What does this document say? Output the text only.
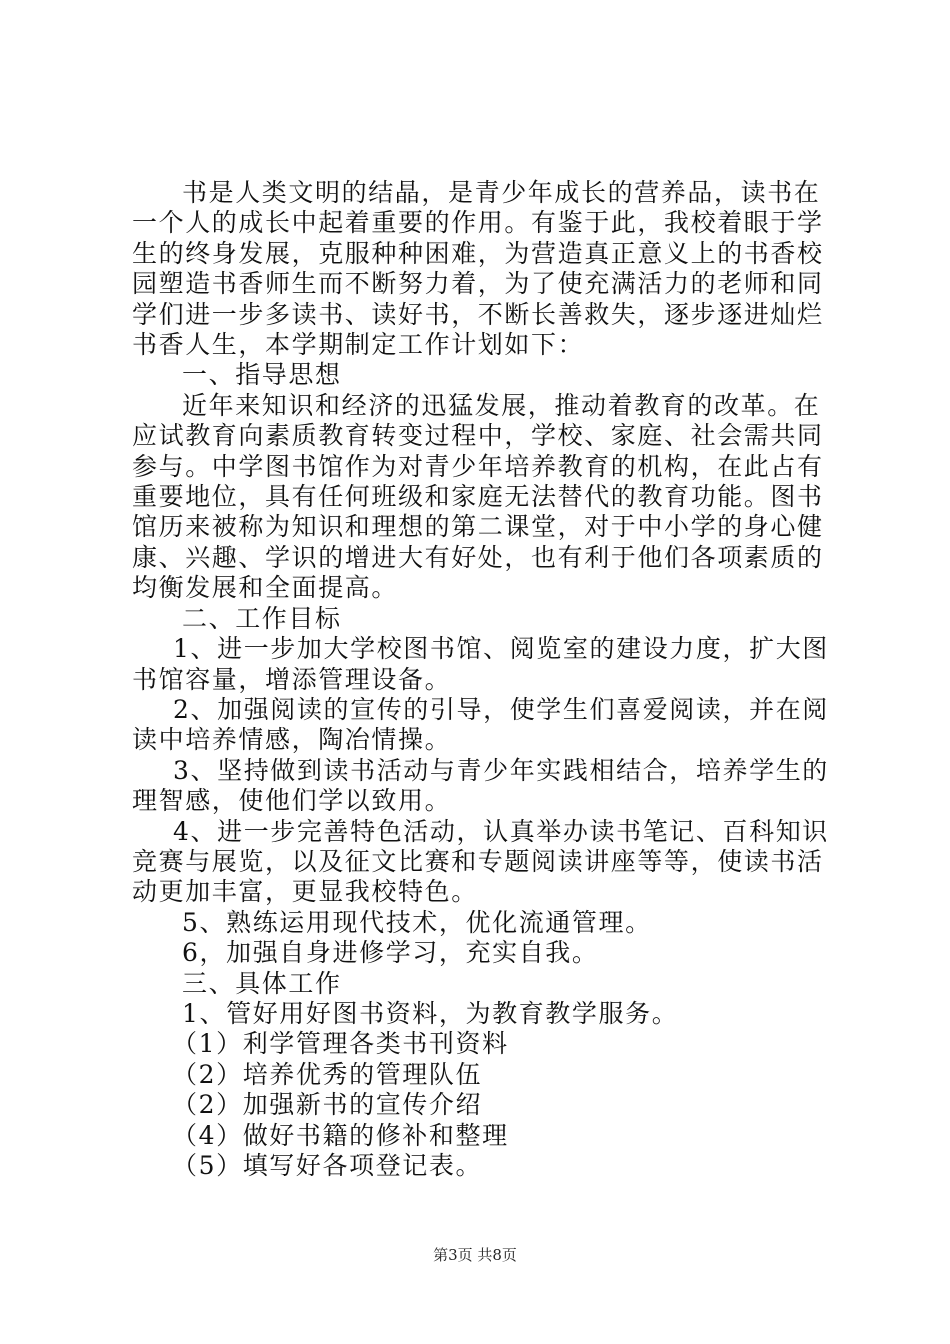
书是人类文明的结晶，是青少年成长的营养品，读书在一个人的成长中起着重要的作用。有鉴于此，我校着眼于学生的终身发展，克服种种困难，为营造真正意义上的书香校园塑造书香师生而不断努力着，为了使充满活力的老师和同学们进一步多读书、读好书，不断长善救失，逐步逐进灿烂书香人生，本学期制定工作计划如下：

一、指导思想

近年来知识和经济的迅猛发展，推动着教育的改革。在应试教育向素质教育转变过程中，学校、家庭、社会需共同参与。中学图书馆作为对青少年培养教育的机构，在此占有重要地位，具有任何班级和家庭无法替代的教育功能。图书馆历来被称为知识和理想的第二课堂，对于中小学的身心健康、兴趣、学识的增进大有好处，也有利于他们各项素质的均衡发展和全面提高。

二、工作目标

1、进一步加大学校图书馆、阅览室的建设力度，扩大图书馆容量，增添管理设备。

2、加强阅读的宣传的引导，使学生们喜爱阅读，并在阅读中培养情感，陶冶情操。

3、坚持做到读书活动与青少年实践相结合，培养学生的理智感，使他们学以致用。

4、进一步完善特色活动，认真举办读书笔记、百科知识竞赛与展览，以及征文比赛和专题阅读讲座等等，使读书活动更加丰富，更显我校特色。

5、熟练运用现代技术，优化流通管理。

6，加强自身进修学习，充实自我。

三、具体工作

1、管好用好图书资料，为教育教学服务。

（1）利学管理各类书刊资料

（2）培养优秀的管理队伍

（2）加强新书的宣传介绍

（4）做好书籍的修补和整理

（5）填写好各项登记表。

第3页 共8页
